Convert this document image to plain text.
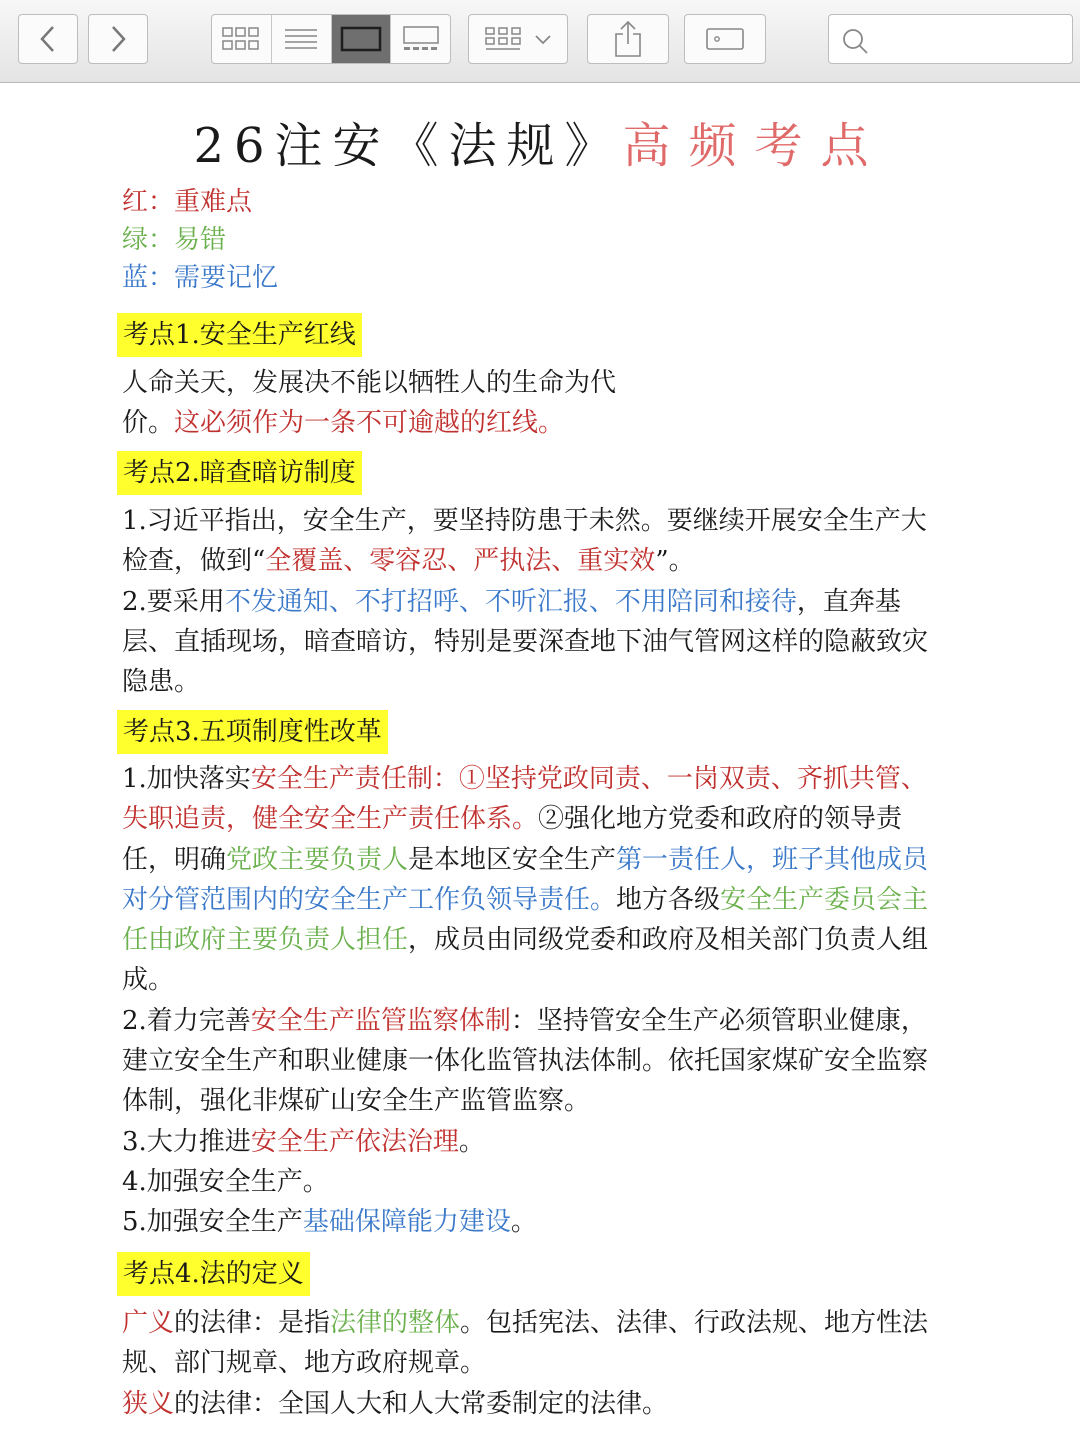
26注安《法规》高频考点
红：重难点
绿：易错
蓝：需要记忆
考点1.安全生产红线

人命关天，发展决不能以牺牲人的生命为代
价。这必须作为一条不可逾越的红线。

考点2.暗查暗访制度

1.习近平指出，安全生产，要坚持防患于未然。要继续开展安全生产大检查，做到“全覆盖、零容忍、严执法、重实效”。

2.要采用不发通知、不打招呼、不听汇报、不用陪同和接待，直奔基层、直插现场，暗查暗访，特别是要深查地下油气管网这样的隐蔽致灾隐患。

考点3.五项制度性改革

1.加快落实安全生产责任制：①坚持党政同责、一岗双责、齐抓共管、失职追责，健全安全生产责任体系。②强化地方党委和政府的领导责任，明确党政主要负责人是本地区安全生产第一责任人，班子其他成员对分管范围内的安全生产工作负领导责任。地方各级安全生产委员会主任由政府主要负责人担任，成员由同级党委和政府及相关部门负责人组成。

2.着力完善安全生产监管监察体制：坚持管安全生产必须管职业健康，建立安全生产和职业健康一体化监管执法体制。依托国家煤矿安全监察体制，强化非煤矿山安全生产监管监察。

3.大力推进安全生产依法治理。

4.加强安全生产。

5.加强安全生产基础保障能力建设。

考点4.法的定义

广义的法律：是指法律的整体。包括宪法、法律、行政法规、地方性法规、部门规章、地方政府规章。

狭义的法律：全国人大和人大常委制定的法律。
